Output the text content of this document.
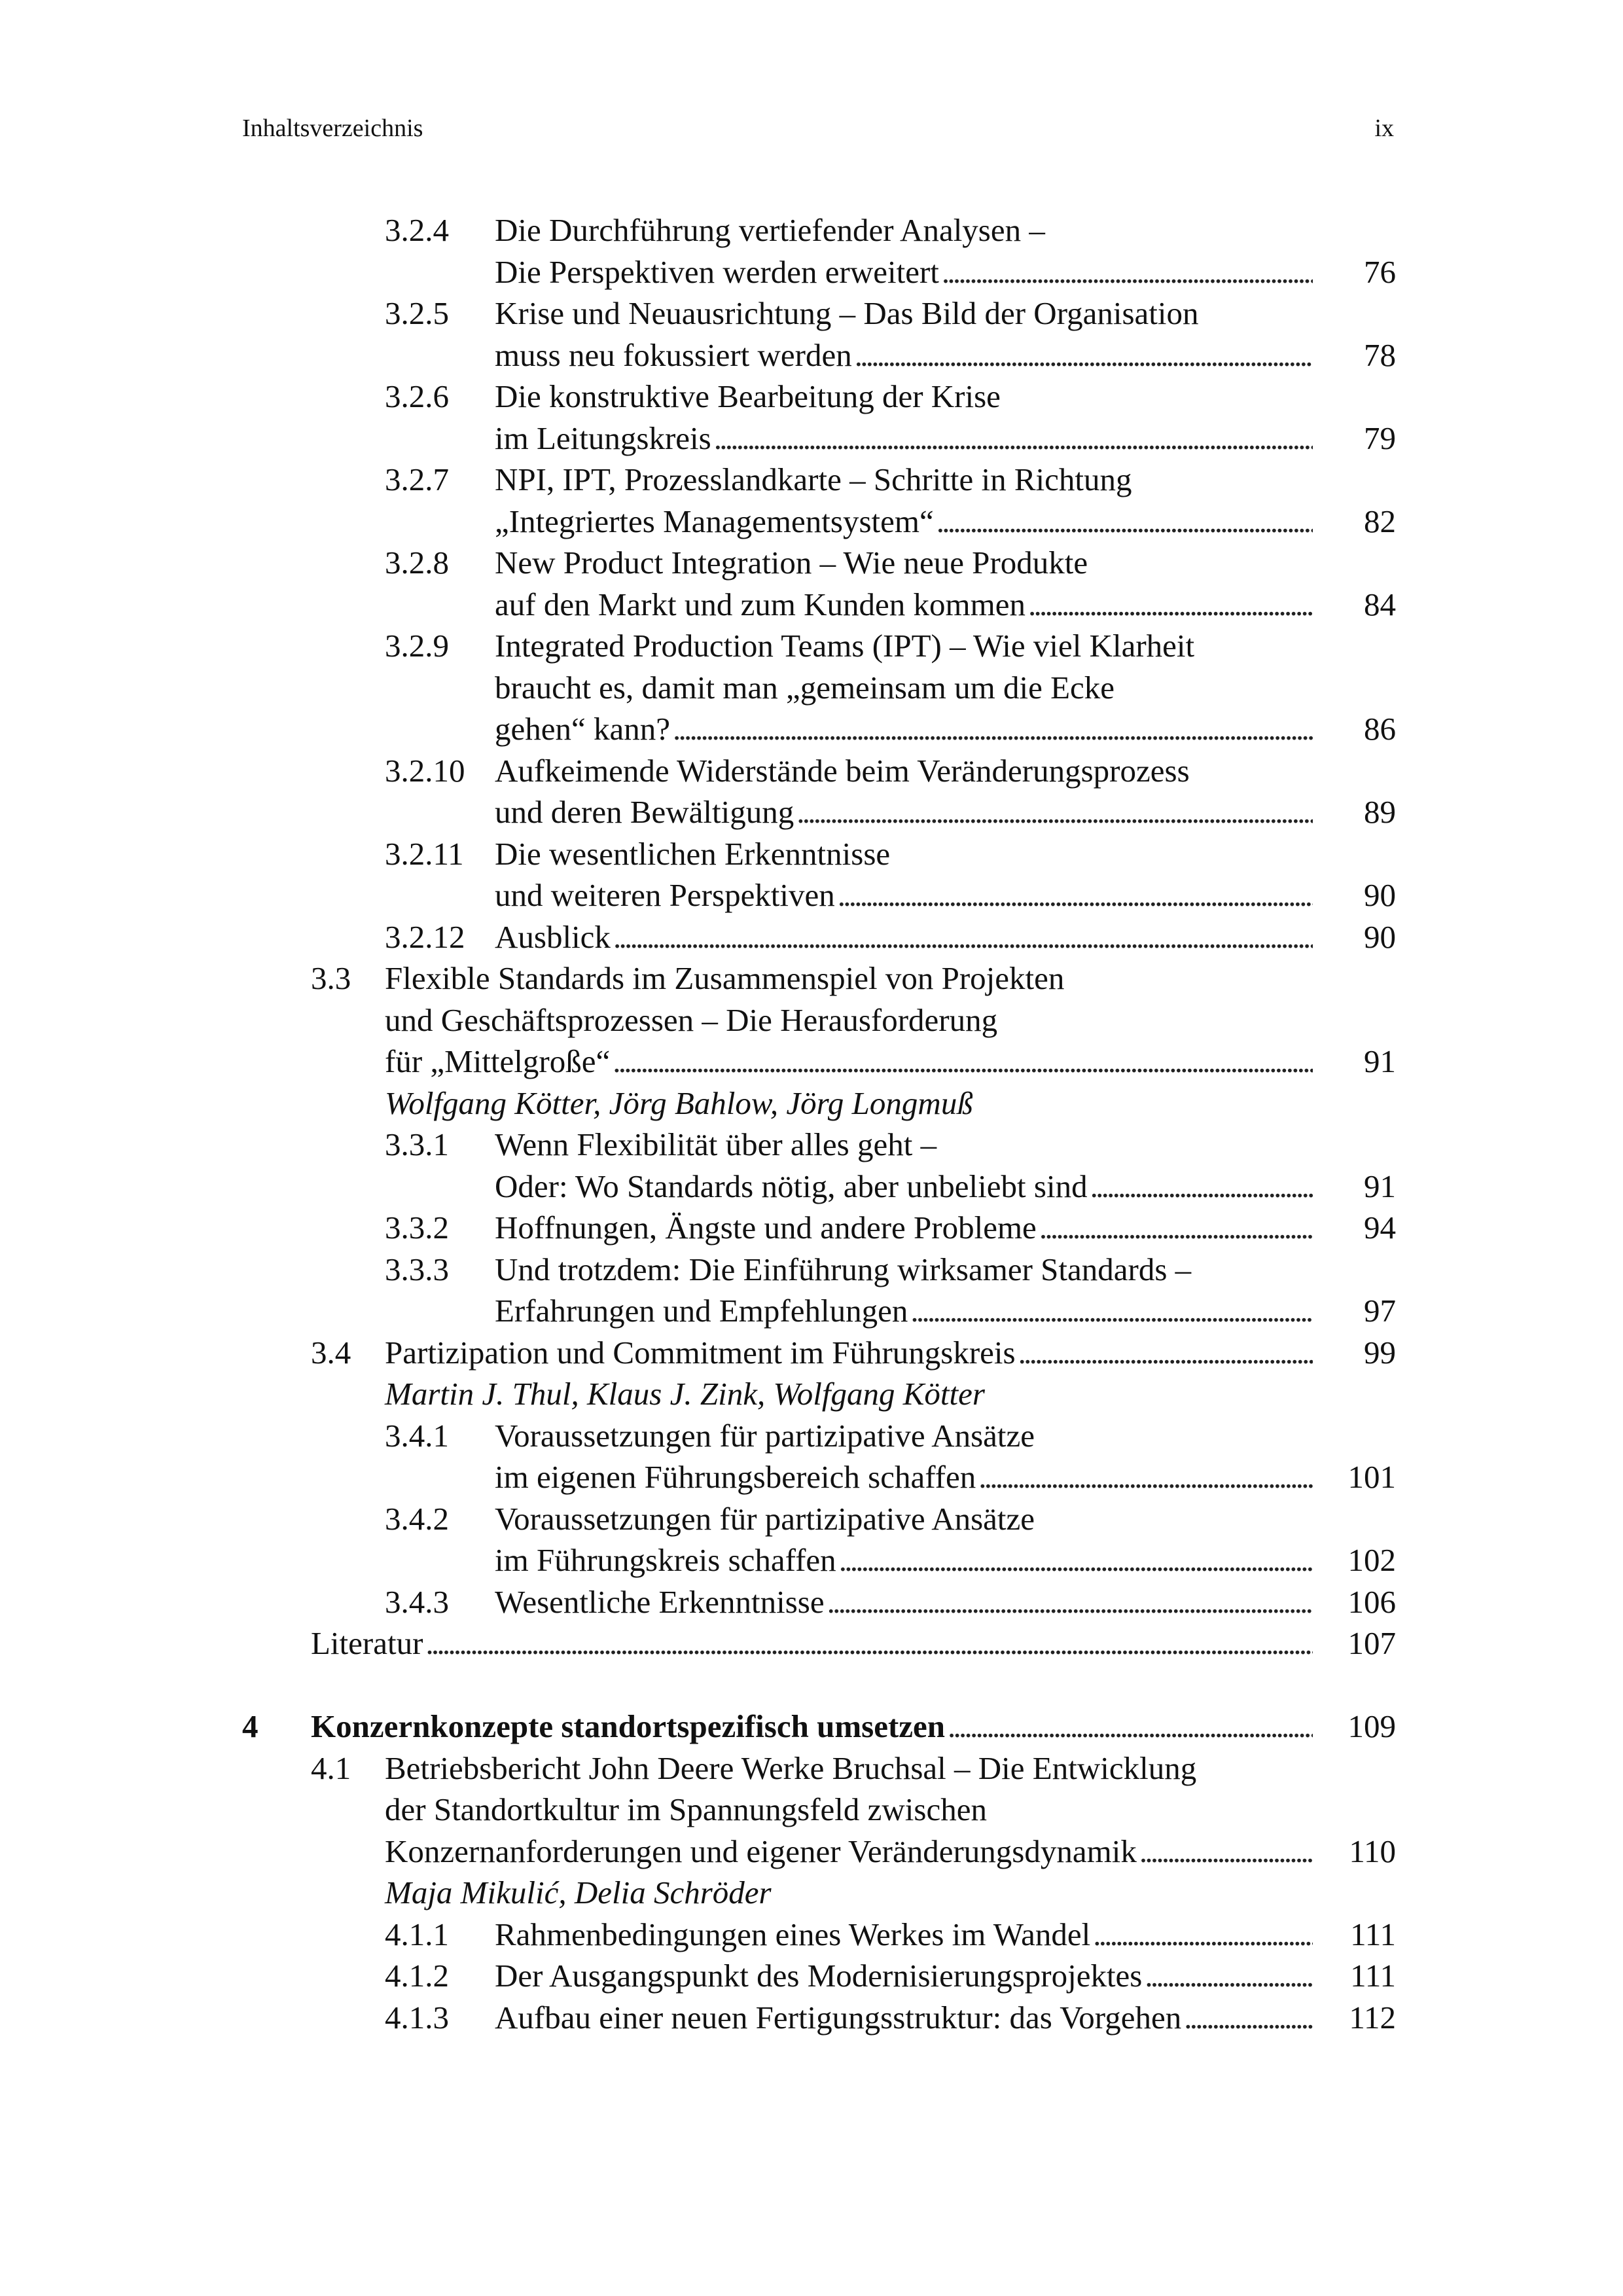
Inhaltsverzeichnis	ix
3.2.4 Die Durchführung vertiefender Analysen –
Die Perspektiven werden erweitert . . .	76
3.2.5 Krise und Neuausrichtung – Das Bild der Organisation
muss neu fokussiert werden . . .	78
3.2.6 Die konstruktive Bearbeitung der Krise
im Leitungskreis . . .	79
3.2.7 NPI, IPT, Prozesslandkarte – Schritte in Richtung
„Integriertes Managementsystem“ . . .	82
3.2.8 New Product Integration – Wie neue Produkte
auf den Markt und zum Kunden kommen . . .	84
3.2.9 Integrated Production Teams (IPT) – Wie viel Klarheit
braucht es, damit man „gemeinsam um die Ecke
gehen“ kann? . . .	86
3.2.10 Aufkeimende Widerstände beim Veränderungsprozess
und deren Bewältigung . . .	89
3.2.11 Die wesentlichen Erkenntnisse
und weiteren Perspektiven . . .	90
3.2.12 Ausblick . . .	90
3.3 Flexible Standards im Zusammenspiel von Projekten
und Geschäftsprozessen – Die Herausforderung
für „Mittelgroße“ . . .	91
Wolfgang Kötter, Jörg Bahlow, Jörg Longmuß
3.3.1 Wenn Flexibilität über alles geht –
Oder: Wo Standards nötig, aber unbeliebt sind . . .	91
3.3.2 Hoffnungen, Ängste und andere Probleme . . .	94
3.3.3 Und trotzdem: Die Einführung wirksamer Standards –
Erfahrungen und Empfehlungen . . .	97
3.4 Partizipation und Commitment im Führungskreis . . .	99
Martin J. Thul, Klaus J. Zink, Wolfgang Kötter
3.4.1 Voraussetzungen für partizipative Ansätze
im eigenen Führungsbereich schaffen . . .	101
3.4.2 Voraussetzungen für partizipative Ansätze
im Führungskreis schaffen . . .	102
3.4.3 Wesentliche Erkenntnisse . . .	106
Literatur . . .	107
4 Konzernkonzepte standortspezifisch umsetzen . . .	109
4.1 Betriebsbericht John Deere Werke Bruchsal – Die Entwicklung
der Standortkultur im Spannungsfeld zwischen
Konzernanforderungen und eigener Veränderungsdynamik . . .	110
Maja Mikulić, Delia Schröder
4.1.1 Rahmenbedingungen eines Werkes im Wandel . . .	111
4.1.2 Der Ausgangspunkt des Modernisierungsprojektes . . .	111
4.1.3 Aufbau einer neuen Fertigungsstruktur: das Vorgehen . . .	112
